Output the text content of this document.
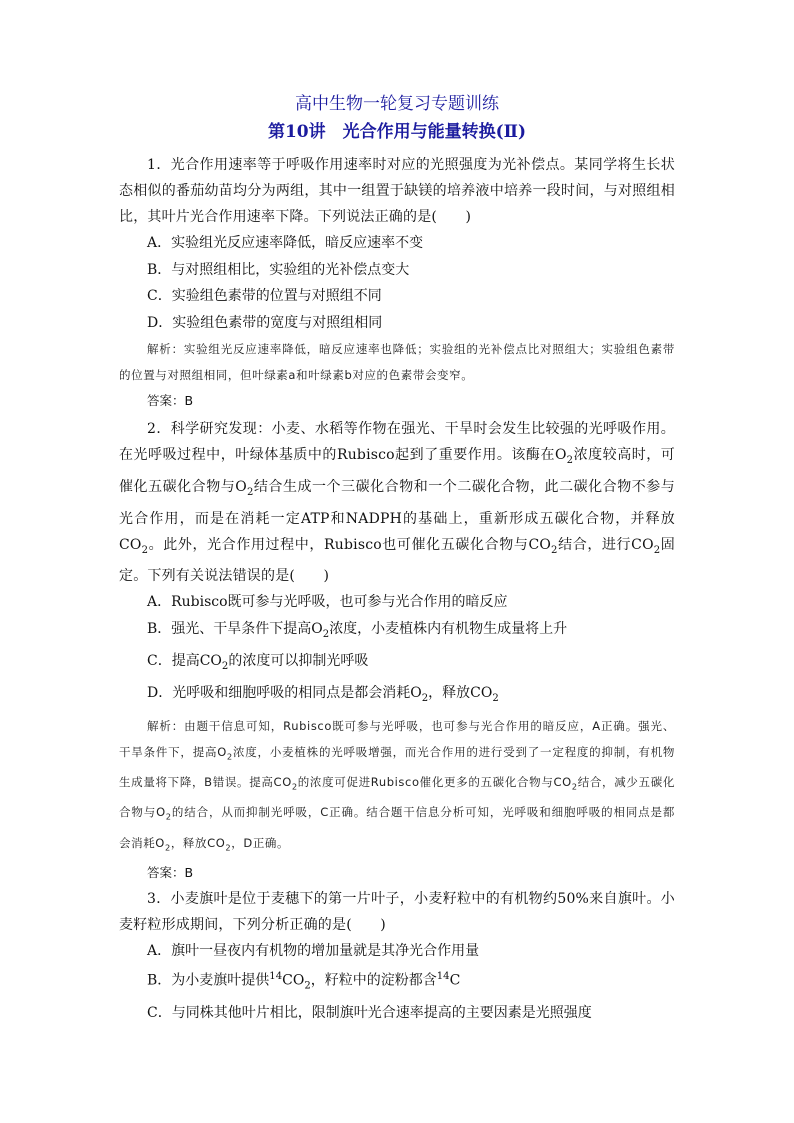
高中生物一轮复习专题训练

第10讲　光合作用与能量转换(Ⅱ)

1．光合作用速率等于呼吸作用速率时对应的光照强度为光补偿点。某同学将生长状态相似的番茄幼苗均分为两组，其中一组置于缺镁的培养液中培养一段时间，与对照组相比，其叶片光合作用速率下降。下列说法正确的是(　　)

A．实验组光反应速率降低，暗反应速率不变

B．与对照组相比，实验组的光补偿点变大

C．实验组色素带的位置与对照组不同

D．实验组色素带的宽度与对照组相同

解析：实验组光反应速率降低，暗反应速率也降低；实验组的光补偿点比对照组大；实验组色素带的位置与对照组相同，但叶绿素a和叶绿素b对应的色素带会变窄。

答案：B

2．科学研究发现：小麦、水稻等作物在强光、干旱时会发生比较强的光呼吸作用。在光呼吸过程中，叶绿体基质中的Rubisco起到了重要作用。该酶在$O_2$浓度较高时，可催化五碳化合物与$O_2$结合生成一个三碳化合物和一个二碳化合物，此二碳化合物不参与光合作用，而是在消耗一定ATP和NADPH的基础上，重新形成五碳化合物，并释放$CO_2$。此外，光合作用过程中，Rubisco也可催化五碳化合物与$CO_2$结合，进行$CO_2$固定。下列有关说法错误的是(　　)

A．Rubisco既可参与光呼吸，也可参与光合作用的暗反应

B．强光、干旱条件下提高$O_2$浓度，小麦植株内有机物生成量将上升

C．提高$CO_2$的浓度可以抑制光呼吸

D．光呼吸和细胞呼吸的相同点是都会消耗$O_2$，释放$CO_2$

解析：由题干信息可知，Rubisco既可参与光呼吸，也可参与光合作用的暗反应，A正确。强光、干旱条件下，提高$O_2$浓度，小麦植株的光呼吸增强，而光合作用的进行受到了一定程度的抑制，有机物生成量将下降，B错误。提高$CO_2$的浓度可促进Rubisco催化更多的五碳化合物与$CO_2$结合，减少五碳化合物与$O_2$的结合，从而抑制光呼吸，C正确。结合题干信息分析可知，光呼吸和细胞呼吸的相同点是都会消耗$O_2$，释放$CO_2$，D正确。

答案：B

3．小麦旗叶是位于麦穗下的第一片叶子，小麦籽粒中的有机物约50%来自旗叶。小麦籽粒形成期间，下列分析正确的是(　　)

A．旗叶一昼夜内有机物的增加量就是其净光合作用量

B．为小麦旗叶提供$^{14}CO_2$，籽粒中的淀粉都含$^{14}$C

C．与同株其他叶片相比，限制旗叶光合速率提高的主要因素是光照强度
